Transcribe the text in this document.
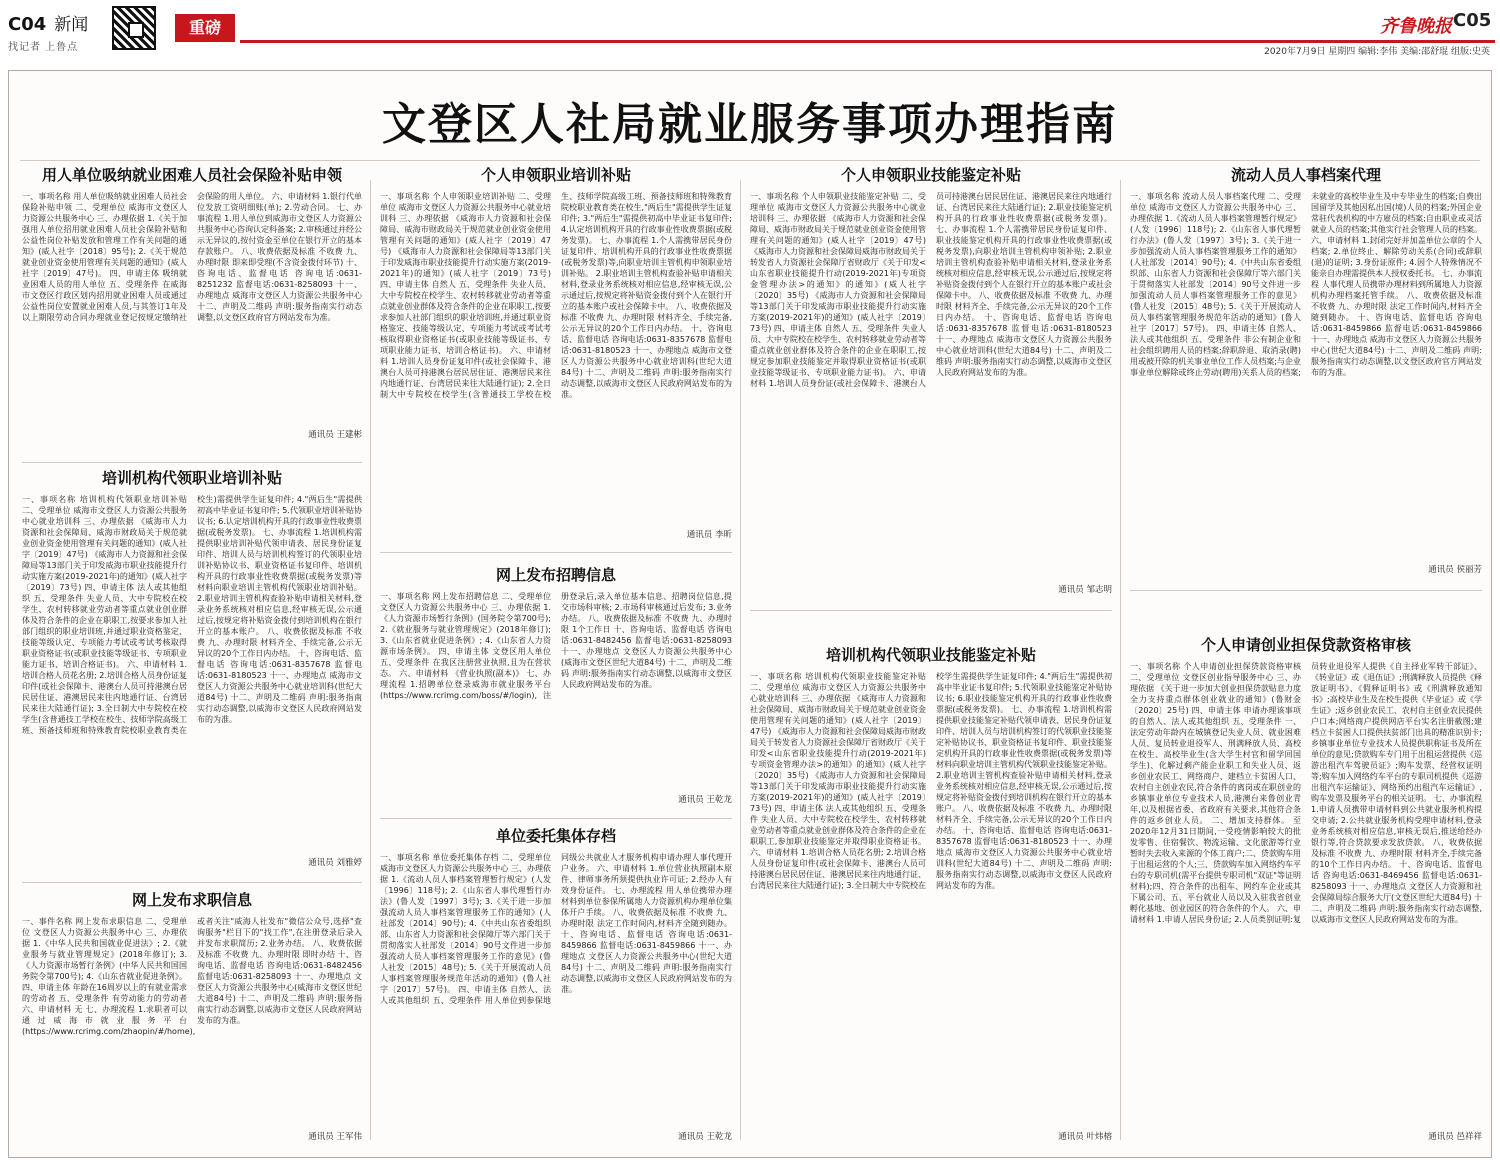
C04 新闻
找记者 上鲁点
重磅	齐鲁晚报 C05
2020年7月9日 星期四 编辑:李伟 美编:邵舒琨 组版:史英
文登区人社局就业服务事项办理指南
用人单位吸纳就业困难人员社会保险补贴申领
一、事项名称 用人单位吸纳就业困难人员社会保险补贴申领 二、受理单位 威海市文登区人力资源公共服务中心 三、办理依据 1.《关于加强用人单位招用就业困难人员社会保险补贴和公益性岗位补贴发放和管理工作有关问题的通知》(威人社字〔2018〕95号); 2.《关于规范就业创业资金使用管理有关问题的通知》(威人社字〔2019〕47号)。 四、申请主体 吸纳就业困难人员的用人单位 五、受理条件 在威海市文登区行政区划内招用就业困难人员或通过公益性岗位安置就业困难人员,与其签订1年及以上期限劳动合同办理就业登记按规定缴纳社会保险的用人单位。 六、申请材料 1.银行代单位发放工资明细账(单); 2.劳动合同。 七、办事流程 1.用人单位到威海市文登区人力资源公共服务中心咨询认定科备案; 2.审核通过并经公示无异议的,按付资金至单位在银行开立的基本存款账户。 八、收费依据及标准 不收费 九、办理时限 即来即受理(不含资金拨付环节) 十、咨询电话、监督电话 咨询电话:0631-8251232 监督电话:0631-8258093 十一、办理地点 威海市文登区人力资源公共服务中心 十二、声明及二维码 声明:服务指南实行动态调整,以文登区政府官方网站发布为准。
通讯员 王建彬
培训机构代领职业培训补贴
一、事项名称 培训机构代领职业培训补贴 二、受理单位 威海市文登区人力资源公共服务中心就业培训科 三、办理依据 《威海市人力资源和社会保障局、威海市财政局关于规范就业创业资金使用管理有关问题的通知》(威人社字〔2019〕47号) 《威海市人力资源和社会保障局等13部门关于印发威海市职业技能提升行动实施方案(2019-2021年)的通知》(威人社字〔2019〕73号) 四、申请主体 法人或其他组织 五、受理条件 失业人员、大中专院校在校学生、农村转移就业劳动者等重点就业创业群体及符合条件的企业在职职工,按要求参加人社部门组织的职业培训班,并通过职业资格鉴定、技能等级认定、专项能力考试或考试考核取得职业资格证书(或职业技能等级证书、专项职业能力证书、培训合格证书)。 六、申请材料 1.培训合格人员花名册; 2.培训合格人员身份证复印件(或社会保障卡、港澳台人员可持港澳台居民居住证、港澳居民来往内地通行证、台湾居民来往大陆通行证); 3.全日制大中专院校在校学生(含普通技工学校在校生、技师学院高级工班、预备技师班和特殊教育院校职业教育类在校生)需提供学生证复印件; 4."两后生"需提供初高中毕业证书复印件; 5.代领职业培训补贴协议书; 6.认定培训机构开具的行政事业性收费票据(或税务发票)。 七、办事流程 1.培训机构需提供职业培训补贴代领申请表、居民身份证复印件、培训人员与培训机构签订的代领职业培训补贴协议书、职业资格证书复印件、培训机构开具的行政事业性收费票据(或税务发票)等材料向职业培训主管机构代领职业培训补贴。 2.职业培训主管机构查验补贴申请相关材料,登录业务系统核对相应信息,经审核无误,公示通过后,按规定将补贴资金拨付到培训机构在银行开立的基本账户。 八、收费依据及标准 不收费 九、办理时限 材料齐全、手续完备,公示无异议的20个工作日内办结。 十、咨询电话、监督电话 咨询电话:0631-8357678 监督电话:0631-8180523 十一、办理地点 威海市文登区人力资源公共服务中心就业培训科(世纪大道84号) 十二、声明及二维码 声明:服务指南实行动态调整,以威海市文登区人民政府网站发布的为准。
通讯员 刘雅婷
网上发布求职信息
一、事件名称 网上发布求职信息 二、受理单位 文登区人力资源公共服务中心 三、办理依据 1.《中华人民共和国就业促进法》; 2.《就业服务与就业管理规定》(2018年修订); 3.《人力资源市场暂行条例》(中华人民共和国国务院令第700号); 4.《山东省就业促进条例》。 四、申请主体 年龄在16周岁以上的有就业需求的劳动者 五、受理条件 有劳动能力的劳动者 六、申请材料 无 七、办理流程 1.求职者可以通过威海市就业服务平台(https://www.rcrimg.com/zhaopin/#/home),或者关注"威海人社发布"微信公众号,选择"查询服务"栏目下的"找工作",在注册登录后录入并发布求职简历; 2.业务办结。 八、收费依据及标准 不收费 九、办理时限 即时办结 十、咨询电话、监督电话 咨询电话:0631-8482456 监督电话:0631-8258093 十一、办理地点 文登区人力资源公共服务中心(威海市文登区世纪大道84号) 十二、声明及二维码 声明:服务指南实行动态调整,以威海市文登区人民政府网站发布的为准。
通讯员 王军伟
个人申领职业培训补贴
一、事项名称 个人申领职业培训补贴 二、受理单位 威海市文登区人力资源公共服务中心就业培训科 三、办理依据 《威海市人力资源和社会保障局、威海市财政局关于规范就业创业资金使用管理有关问题的通知》(威人社字〔2019〕47号) 《威海市人力资源和社会保障局等13部门关于印发威海市职业技能提升行动实施方案(2019-2021年)的通知》(威人社字〔2019〕73号) 四、申请主体 自然人 五、受理条件 失业人员、大中专院校在校学生、农村转移就业劳动者等重点就业创业群体及符合条件的企业在职职工,按要求参加人社部门组织的职业培训班,并通过职业资格鉴定、技能等级认定、专项能力考试或考试考核取得职业资格证书(或职业技能等级证书、专项职业能力证书、培训合格证书)。 六、申请材料 1.培训人员身份证复印件(或社会保障卡、港澳台人员可持港澳台居民居住证、港澳居民来往内地通行证、台湾居民来往大陆通行证); 2.全日制大中专院校在校学生(含普通技工学校在校生、技师学院高级工班、预备技师班和特殊教育院校职业教育类在校生,"两后生"需提供学生证复印件; 3."两后生"需提供初高中毕业证书复印件; 4.认定培训机构开具的行政事业性收费票据(或税务发票)。 七、办事流程 1.个人需携带居民身份证复印件、培训机构开具的行政事业性收费票据(或税务发票)等,向职业培训主管机构申领职业培训补贴。 2.职业培训主管机构查验补贴申请相关材料,登录业务系统核对相应信息,经审核无误,公示通过后,按规定将补贴资金拨付到个人在银行开立的基本账户或社会保障卡中。 八、收费依据及标准 不收费 九、办理时限 材料齐全、手续完备,公示无异议的20个工作日内办结。 十、咨询电话、监督电话 咨询电话:0631-8357678 监督电话:0631-8180523 十一、办理地点 威海市文登区人力资源公共服务中心就业培训科(世纪大道84号) 十二、声明及二维码 声明:服务指南实行动态调整,以威海市文登区人民政府网站发布的为准。
通讯员 李昕
网上发布招聘信息
一、事项名称 网上发布招聘信息 二、受理单位 文登区人力资源公共服务中心 三、办理依据 1.《人力资源市场暂行条例》(国务院令第700号); 2.《就业服务与就业管理规定》(2018年修订); 3.《山东省就业促进条例》; 4.《山东省人力资源市场条例》。 四、申请主体 文登区用人单位 五、受理条件 在我区注册营业执照,且为在营状态。 六、申请材料 《营业执照(副本)》 七、办理流程 1.招聘单位登录威海市就业服务平台(https://www.rcrimg.com/boss/#/login),注册登录后,录入单位基本信息、招聘岗位信息,提交市场科审核; 2.市场科审核通过后发布; 3.业务办结。 八、收费依据及标准 不收费 九、办理时限 1个工作日 十、咨询电话、监督电话 咨询电话:0631-8482456 监督电话:0631-8258093 十一、办理地点 文登区人力资源公共服务中心(威海市文登区世纪大道84号) 十二、声明及二维码 声明:服务指南实行动态调整,以威海市文登区人民政府网站发布的为准。
通讯员 王乾龙
单位委托集体存档
一、事项名称 单位委托集体存档 二、受理单位 威海市文登区人力资源公共服务中心 三、办理依据 1.《流动人员人事档案管理暂行规定》(人发〔1996〕118号); 2.《山东省人事代理暂行办法》(鲁人发〔1997〕3号); 3.《关于进一步加强流动人员人事档案管理服务工作的通知》(人社部发〔2014〕90号); 4.《中共山东省委组织部、山东省人力资源和社会保障厅等六部门关于贯彻落实人社部发〔2014〕90号文件进一步加强流动人员人事档案管理服务工作的意见》(鲁人社发〔2015〕48号); 5.《关于开展流动人员人事档案管理服务规范年活动的通知》(鲁人社字〔2017〕57号)。 四、申请主体 自然人、法人或其他组织 五、受理条件 用人单位到参保地同级公共就业人才服务机构申请办理人事代理开户业务。 六、申请材料 1.单位营业执照副本原件、律师事务所须提供执业许可证; 2.经办人有效身份证件。 七、办理流程 用人单位携带办理材料到单位参保所属地人力资源机构办理单位集体开户手续。 八、收费依据及标准 不收费 九、办理时限 法定工作时间内,材料齐全随到随办。 十、咨询电话、监督电话 咨询电话:0631-8459866 监督电话:0631-8459866 十一、办理地点 文登区人力资源公共服务中心(世纪大道84号) 十二、声明及二维码 声明:服务指南实行动态调整,以威海市文登区人民政府网站发布的为准。
通讯员 王乾龙
个人申领职业技能鉴定补贴
一、事项名称 个人申领职业技能鉴定补贴 二、受理单位 威海市文登区人力资源公共服务中心就业培训科 三、办理依据 《威海市人力资源和社会保障局、威海市财政局关于规范就业创业资金使用管理有关问题的通知》(威人社字〔2019〕47号) 《威海市人力资源和社会保障局威海市财政局关于转发省人力资源社会保障厅省财政厅《关于印发<山东省职业技能提升行动(2019-2021年)专项资金管理办法>的通知》的通知》(威人社字〔2020〕35号) 《威海市人力资源和社会保障局等13部门关于印发威海市职业技能提升行动实施方案(2019-2021年)的通知》(威人社字〔2019〕73号) 四、申请主体 自然人 五、受理条件 失业人员、大中专院校在校学生、农村转移就业劳动者等重点就业创业群体及符合条件的企业在职职工,按规定参加职业技能鉴定并取得职业资格证书(或职业技能等级证书、专项职业能力证书)。 六、申请材料 1.培训人员身份证(或社会保障卡、港澳台人员可持港澳台居民居住证、港澳居民来往内地通行证、台湾居民来往大陆通行证); 2.职业技能鉴定机构开具的行政事业性收费票据(或税务发票)。 七、办事流程 1.个人需携带居民身份证复印件、职业技能鉴定机构开具的行政事业性收费票据(或税务发票),向职业培训主管机构申领补贴; 2.职业培训主管机构查验补贴申请相关材料,登录业务系统核对相应信息,经审核无误,公示通过后,按规定将补贴资金拨付到个人在银行开立的基本账户或社会保障卡中。 八、收费依据及标准 不收费 九、办理时限 材料齐全、手续完备,公示无异议的20个工作日内办结。 十、咨询电话、监督电话 咨询电话:0631-8357678 监督电话:0631-8180523 十一、办理地点 威海市文登区人力资源公共服务中心就业培训科(世纪大道84号) 十二、声明及二维码 声明:服务指南实行动态调整,以威海市文登区人民政府网站发布的为准。
通讯员 邹志明
培训机构代领职业技能鉴定补贴
一、事项名称 培训机构代领职业技能鉴定补贴 二、受理单位 威海市文登区人力资源公共服务中心就业培训科 三、办理依据 《威海市人力资源和社会保障局、威海市财政局关于规范就业创业资金使用管理有关问题的通知》(威人社字〔2019〕47号) 《威海市人力资源和社会保障局威海市财政局关于转发省人力资源社会保障厅省财政厅《关于印发<山东省职业技能提升行动(2019-2021年)专项资金管理办法>的通知》的通知》(威人社字〔2020〕35号) 《威海市人力资源和社会保障局等13部门关于印发威海市职业技能提升行动实施方案(2019-2021年)的通知》(威人社字〔2019〕73号) 四、申请主体 法人或其他组织 五、受理条件 失业人员、大中专院校在校学生、农村转移就业劳动者等重点就业创业群体及符合条件的企业在职职工,参加职业技能鉴定并取得职业资格证书。 六、申请材料 1.培训合格人员花名册; 2.培训合格人员身份证复印件(或社会保障卡、港澳台人员可持港澳台居民居住证、港澳居民来往内地通行证、台湾居民来往大陆通行证); 3.全日制大中专院校在校学生需提供学生证复印件; 4."两后生"需提供初高中毕业证书复印件; 5.代领职业技能鉴定补贴协议书; 6.职业技能鉴定机构开具的行政事业性收费票据(或税务发票)。 七、办事流程 1.培训机构需提供职业技能鉴定补贴代领申请表、居民身份证复印件、培训人员与培训机构签订的代领职业技能鉴定补贴协议书、职业资格证书复印件、职业技能鉴定机构开具的行政事业性收费票据(或税务发票)等材料向职业培训主管机构代领职业技能鉴定补贴。 2.职业培训主管机构查验补贴申请相关材料,登录业务系统核对相应信息,经审核无误,公示通过后,按规定将补贴资金拨付到培训机构在银行开立的基本账户。 八、收费依据及标准 不收费 九、办理时限 材料齐全、手续完备,公示无异议的20个工作日内办结。 十、咨询电话、监督电话 咨询电话:0631-8357678 监督电话:0631-8180523 十一、办理地点 威海市文登区人力资源公共服务中心就业培训科(世纪大道84号) 十二、声明及二维码 声明:服务指南实行动态调整,以威海市文登区人民政府网站发布的为准。
通讯员 叶炜榕
流动人员人事档案代理
一、事项名称 流动人员人事档案代理 二、受理单位 威海市文登区人力资源公共服务中心 三、办理依据 1.《流动人员人事档案管理暂行规定》(人发〔1996〕118号); 2.《山东省人事代理暂行办法》(鲁人发〔1997〕3号); 3.《关于进一步加强流动人员人事档案管理服务工作的通知》(人社部发〔2014〕90号); 4.《中共山东省委组织部、山东省人力资源和社会保障厅等六部门关于贯彻落实人社部发〔2014〕90号文件进一步加强流动人员人事档案管理服务工作的意见》(鲁人社发〔2015〕48号); 5.《关于开展流动人员人事档案管理服务规范年活动的通知》(鲁人社字〔2017〕57号)。 四、申请主体 自然人、法人或其他组织 五、受理条件 非公有制企业和社会组织聘用人员的档案;辞职辞退、取消录(聘)用或被开除的机关事业单位工作人员档案;与企业事业单位解除或终止劳动(聘用)关系人员的档案;未就业的高校毕业生及中专毕业生的档案;自费出国留学及其他因私出国(境)人员的档案;外国企业常驻代表机构的中方雇员的档案;自由职业或灵活就业人员的档案;其他实行社会管理人员的档案。 六、申请材料 1.封闭完好并加盖单位公章的个人档案; 2.单位终止、解除劳动关系(合同)或辞职(退)的证明; 3.身份证原件; 4.因个人特殊情况不能亲自办理需提供本人授权委托书。 七、办事流程 人事代理人员携带办理材料到所属地人力资源机构办理档案托管手续。 八、收费依据及标准 不收费 九、办理时限 法定工作时间内,材料齐全随到随办。 十、咨询电话、监督电话 咨询电话:0631-8459866 监督电话:0631-8459866 十一、办理地点 威海市文登区人力资源公共服务中心(世纪大道84号) 十二、声明及二维码 声明:服务指南实行动态调整,以文登区政府官方网站发布的为准。
通讯员 侯丽芳
个人申请创业担保贷款资格审核
一、事项名称 个人申请创业担保贷款资格审核 二、受理单位 文登区创业指导服务中心 三、办理依据 《关于进一步加大创业担保贷款贴息力度全力支持重点群体创业就业的通知》(鲁财金〔2020〕25号) 四、申请主体 申请办理该事项的自然人、法人或其他组织 五、受理条件 一、法定劳动年龄内在城镇登记失业人员、就业困难人员、复员转业退役军人、刑满释放人员、高校在校生、高校毕业生(含大学生村官和留学回国学生)、化解过剩产能企业职工和失业人员、返乡创业农民工、网络商户、建档立卡贫困人口、农村自主创业农民,符合条件的离岗或在职创业的乡镇事业单位专业技术人员,港澳台来鲁创业青年,以及根据省委、省政府有关要求,其他符合条件的返乡创业人员。 二、增加支持群体。 至2020年12月31日期间,一受疫情影响较大的批发零售、住宿餐饮、物流运输、文化旅游等行业暂时失去收入来源的个体工商户;二、贷款购车用于出租运营的个人;三、贷款购车加入网络约车平台的专职司机(需平台提供专职司机"双证"等证明材料);四、符合条件的出租车、网约车企业或其下属公司、五、平台就业人员以及入驻我省创业孵化基地、创业园区的符合条件的个人。 六、申请材料 1.申请人居民身份证; 2.人员类别证明:复员转业退役军人提供《自主择业军转干部证》、《转业证》或《退伍证》;刑满释放人员提供《释放证明书》、《假释证明书》或《刑满释放通知书》;高校毕业生及在校生提供《毕业证》或《学生证》;返乡创业农民工、农村自主创业农民提供户口本;网络商户提供网店平台实名注册截图;建档立卡贫困人口提供扶贫部门出具的精准识别卡;乡镇事业单位专业技术人员提供职称证书及所在单位的意见;贷款购车专门用于出租运营提供《巡游出租汽车驾驶员证》;购车发票、经营权证明等;购车加入网络约车平台的专职司机提供《巡游出租汽车运输证》、网络预约出租汽车运输证》,购车发票及服务平台的相关证明。 七、办事流程 1.申请人员携带申请材料到公共就业服务机构提交申请; 2.公共就业服务机构受理申请材料,登录业务系统核对相应信息,审核无误后,推送给经办银行等,符合贷款要求发放贷款。 八、收费依据及标准 不收费 九、办理时限 材料齐全,手续完备的10个工作日内办结。 十、咨询电话、监督电话 咨询电话:0631-8469456 监督电话:0631-8258093 十一、办理地点 文登区人力资源和社会保障局综合服务大厅(文登区世纪大道84号) 十二、声明及二维码 声明:服务指南实行动态调整,以威海市文登区人民政府网站发布的为准。
通讯员 邑祥祥
